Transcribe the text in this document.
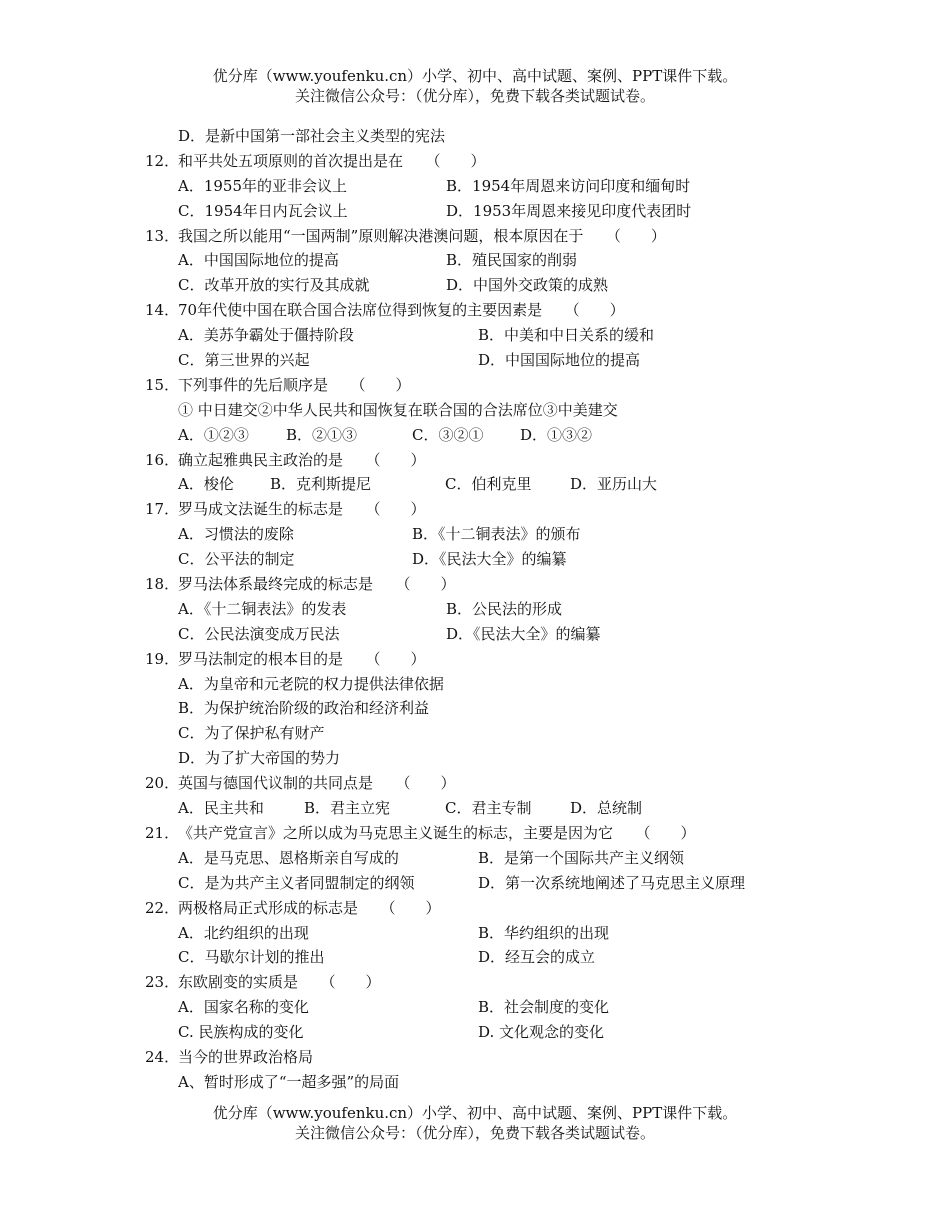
优分库（www.youfenku.cn）小学、初中、高中试题、案例、PPT课件下载。
关注微信公众号：（优分库），免费下载各类试题试卷。
D．是新中国第一部社会主义类型的宪法
12．
和平共处五项原则的首次提出是在　　（　　）
A．1955年的亚非会议上	B．1954年周恩来访问印度和缅甸时
C．1954年日内瓦会议上	D．1953年周恩来接见印度代表团时
13．
我国之所以能用“一国两制”原则解决港澳问题，根本原因在于　　（　　）
A．中国国际地位的提高	B．殖民国家的削弱
C．改革开放的实行及其成就	D．中国外交政策的成熟
14．
70年代使中国在联合国合法席位得到恢复的主要因素是　　（　　）
A．美苏争霸处于僵持阶段	B．中美和中日关系的缓和
C．第三世界的兴起	D．中国国际地位的提高
15．
下列事件的先后顺序是　　（　　）
① 中日建交②中华人民共和国恢复在联合国的合法席位③中美建交
A．①②③ B．②①③	C．③②① D．①③②
16．
确立起雅典民主政治的是　　（　　）
A．梭伦 B．克利斯提尼	C．伯利克里	D．亚历山大
17．
罗马成文法诞生的标志是　　（　　）
A．习惯法的废除	B．《十二铜表法》的颁布
C．公平法的制定	D．《民法大全》的编纂
18．
罗马法体系最终完成的标志是　　（　　）
A．《十二铜表法》的发表	B．公民法的形成
C．公民法演变成万民法	D．《民法大全》的编纂
19．
罗马法制定的根本目的是　　（　　）
A．为皇帝和元老院的权力提供法律依据
B．为保护统治阶级的政治和经济利益
C．为了保护私有财产
D．为了扩大帝国的势力
20．
英国与德国代议制的共同点是　　（　　）
A．民主共和	B．君主立宪	C．君主专制	D．总统制
21．
《共产党宣言》之所以成为马克思主义诞生的标志，主要是因为它　　（　　）
A．是马克思、恩格斯亲自写成的	B．是第一个国际共产主义纲领
C．是为共产主义者同盟制定的纲领	D．第一次系统地阐述了马克思主义原理
22．
两极格局正式形成的标志是　　（　　）
A．北约组织的出现	B．华约组织的出现
C．马歇尔计划的推出	D．经互会的成立
23．
东欧剧变的实质是　　（　　）
A．国家名称的变化	B．社会制度的变化
C. 民族构成的变化	D. 文化观念的变化
24．
当今的世界政治格局
A、暂时形成了“一超多强”的局面
优分库（www.youfenku.cn）小学、初中、高中试题、案例、PPT课件下载。
关注微信公众号：（优分库），免费下载各类试题试卷。
